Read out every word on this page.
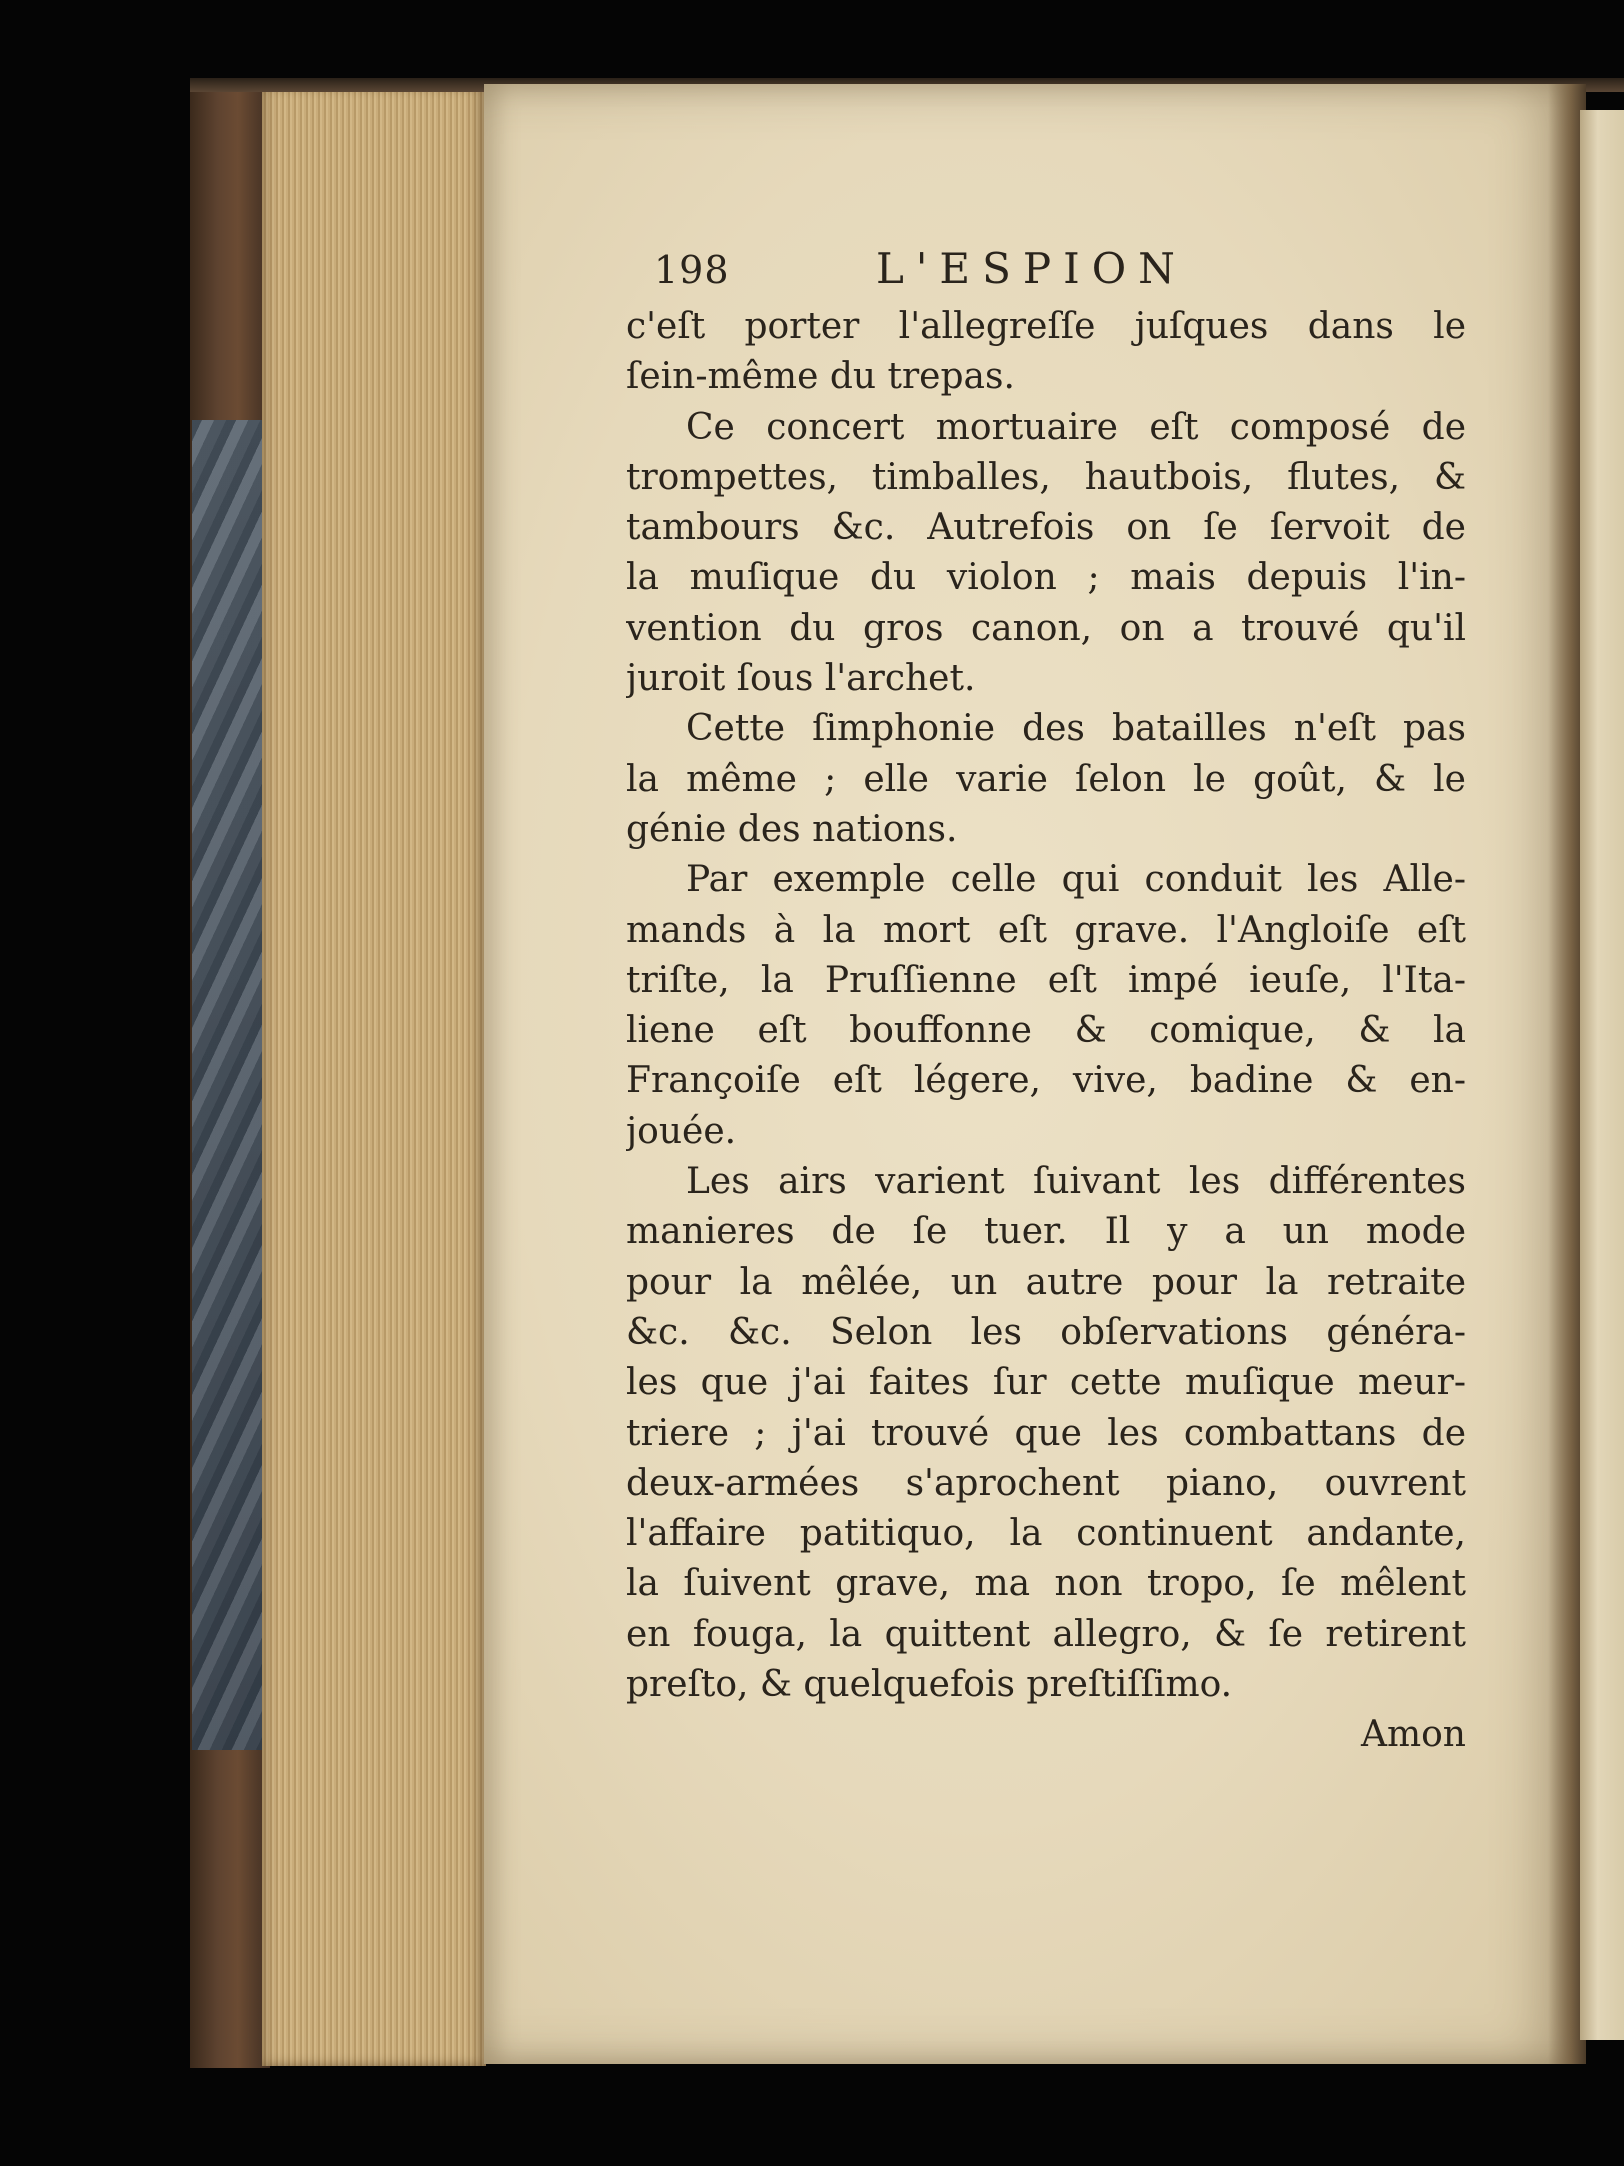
198	L'ESPION
c'eſt porter l'allegreſſe juſques dans le
ſein-même du trepas.
Ce concert mortuaire eſt composé de
trompettes, timballes, hautbois, flutes, &
tambours &c. Autrefois on ſe ſervoit de
la muſique du violon ; mais depuis l'in-
vention du gros canon, on a trouvé qu'il
juroit ſous l'archet.
Cette ſimphonie des batailles n'eſt pas
la même ; elle varie ſelon le goût, & le
génie des nations.
Par exemple celle qui conduit les Alle-
mands à la mort eſt grave. l'Angloiſe eſt
triſte, la Pruſſienne eſt impé ieuſe, l'Ita-
liene eſt bouffonne & comique, & la
Françoiſe eſt légere, vive, badine & en-
jouée.
Les airs varient ſuivant les différentes
manieres de ſe tuer. Il y a un mode
pour la mêlée, un autre pour la retraite
&c. &c. Selon les obſervations généra-
les que j'ai faites ſur cette muſique meur-
triere ; j'ai trouvé que les combattans de
deux-armées s'aprochent piano, ouvrent
l'affaire patitiquo, la continuent andante,
la ſuivent grave, ma non tropo, ſe mêlent
en fouga, la quittent allegro, & ſe retirent
preſto, & quelquefois preſtiſſimo.
Amon
